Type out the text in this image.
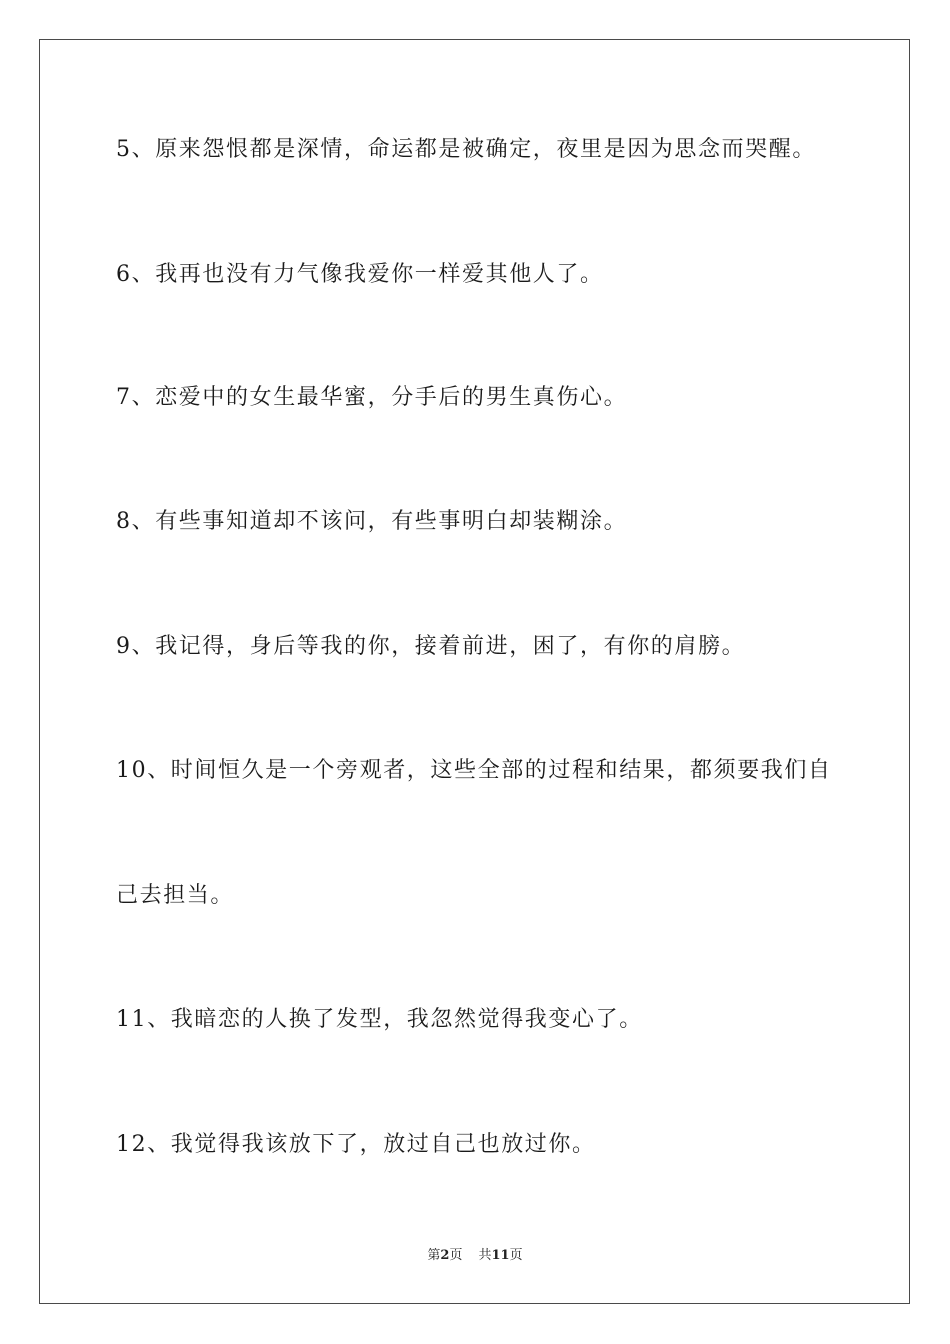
5、原来怨恨都是深情，命运都是被确定，夜里是因为思念而哭醒。
6、我再也没有力气像我爱你一样爱其他人了。
7、恋爱中的女生最华蜜，分手后的男生真伤心。
8、有些事知道却不该问，有些事明白却装糊涂。
9、我记得，身后等我的你，接着前进，困了，有你的肩膀。
10、时间恒久是一个旁观者，这些全部的过程和结果，都须要我们自
己去担当。
11、我暗恋的人换了发型，我忽然觉得我变心了。
12、我觉得我该放下了，放过自己也放过你。
第2页 共11页
